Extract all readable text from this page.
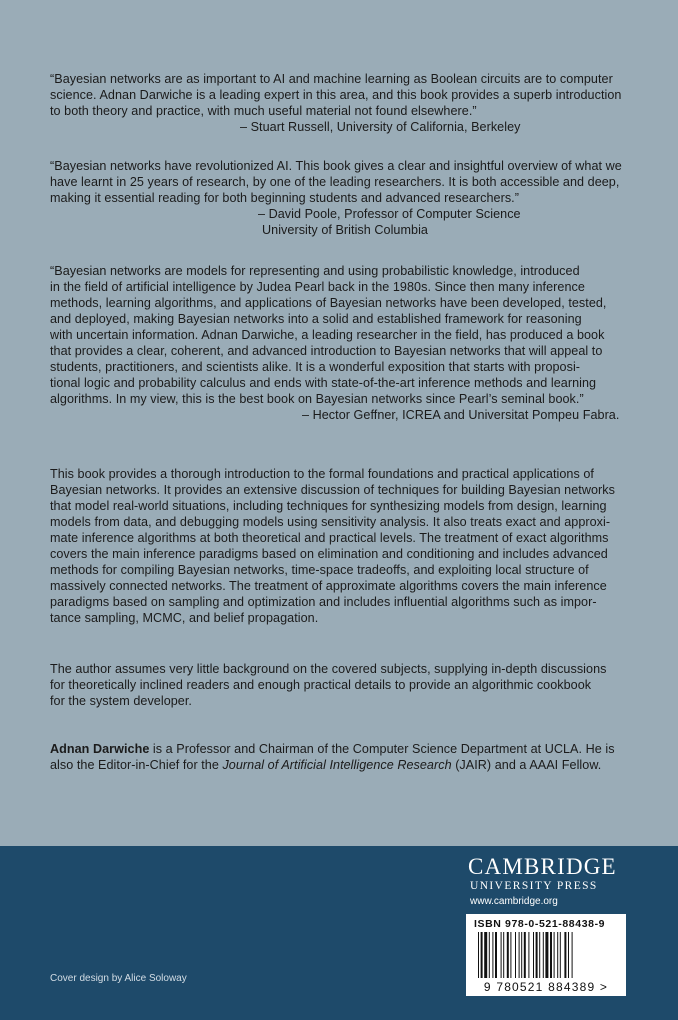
“Bayesian networks are as important to AI and machine learning as Boolean circuits are to computer

science. Adnan Darwiche is a leading expert in this area, and this book provides a superb introduction

to both theory and practice, with much useful material not found elsewhere.”

– Stuart Russell, University of California, Berkeley

“Bayesian networks have revolutionized AI. This book gives a clear and insightful overview of what we

have learnt in 25 years of research, by one of the leading researchers. It is both accessible and deep,

making it essential reading for both beginning students and advanced researchers.”

– David Poole, Professor of Computer Science

University of British Columbia

“Bayesian networks are models for representing and using probabilistic knowledge, introduced

in the field of artificial intelligence by Judea Pearl back in the 1980s. Since then many inference

methods, learning algorithms, and applications of Bayesian networks have been developed, tested,

and deployed, making Bayesian networks into a solid and established framework for reasoning

with uncertain information. Adnan Darwiche, a leading researcher in the field, has produced a book

that provides a clear, coherent, and advanced introduction to Bayesian networks that will appeal to

students, practitioners, and scientists alike. It is a wonderful exposition that starts with proposi-

tional logic and probability calculus and ends with state-of-the-art inference methods and learning

algorithms. In my view, this is the best book on Bayesian networks since Pearl’s seminal book.”

– Hector Geffner, ICREA and Universitat Pompeu Fabra.

This book provides a thorough introduction to the formal foundations and practical applications of

Bayesian networks. It provides an extensive discussion of techniques for building Bayesian networks

that model real-world situations, including techniques for synthesizing models from design, learning

models from data, and debugging models using sensitivity analysis. It also treats exact and approxi-

mate inference algorithms at both theoretical and practical levels. The treatment of exact algorithms

covers the main inference paradigms based on elimination and conditioning and includes advanced

methods for compiling Bayesian networks, time-space tradeoffs, and exploiting local structure of

massively connected networks. The treatment of approximate algorithms covers the main inference

paradigms based on sampling and optimization and includes influential algorithms such as impor-

tance sampling, MCMC, and belief propagation.

The author assumes very little background on the covered subjects, supplying in-depth discussions

for theoretically inclined readers and enough practical details to provide an algorithmic cookbook

for the system developer.

Adnan Darwiche is a Professor and Chairman of the Computer Science Department at UCLA. He is

also the Editor-in-Chief for the Journal of Artificial Intelligence Research (JAIR) and a AAAI Fellow.

Cover design by Alice Soloway
CAMBRIDGE
UNIVERSITY PRESS
www.cambridge.org
ISBN 978-0-521-88438-9
9 780521 884389 >
